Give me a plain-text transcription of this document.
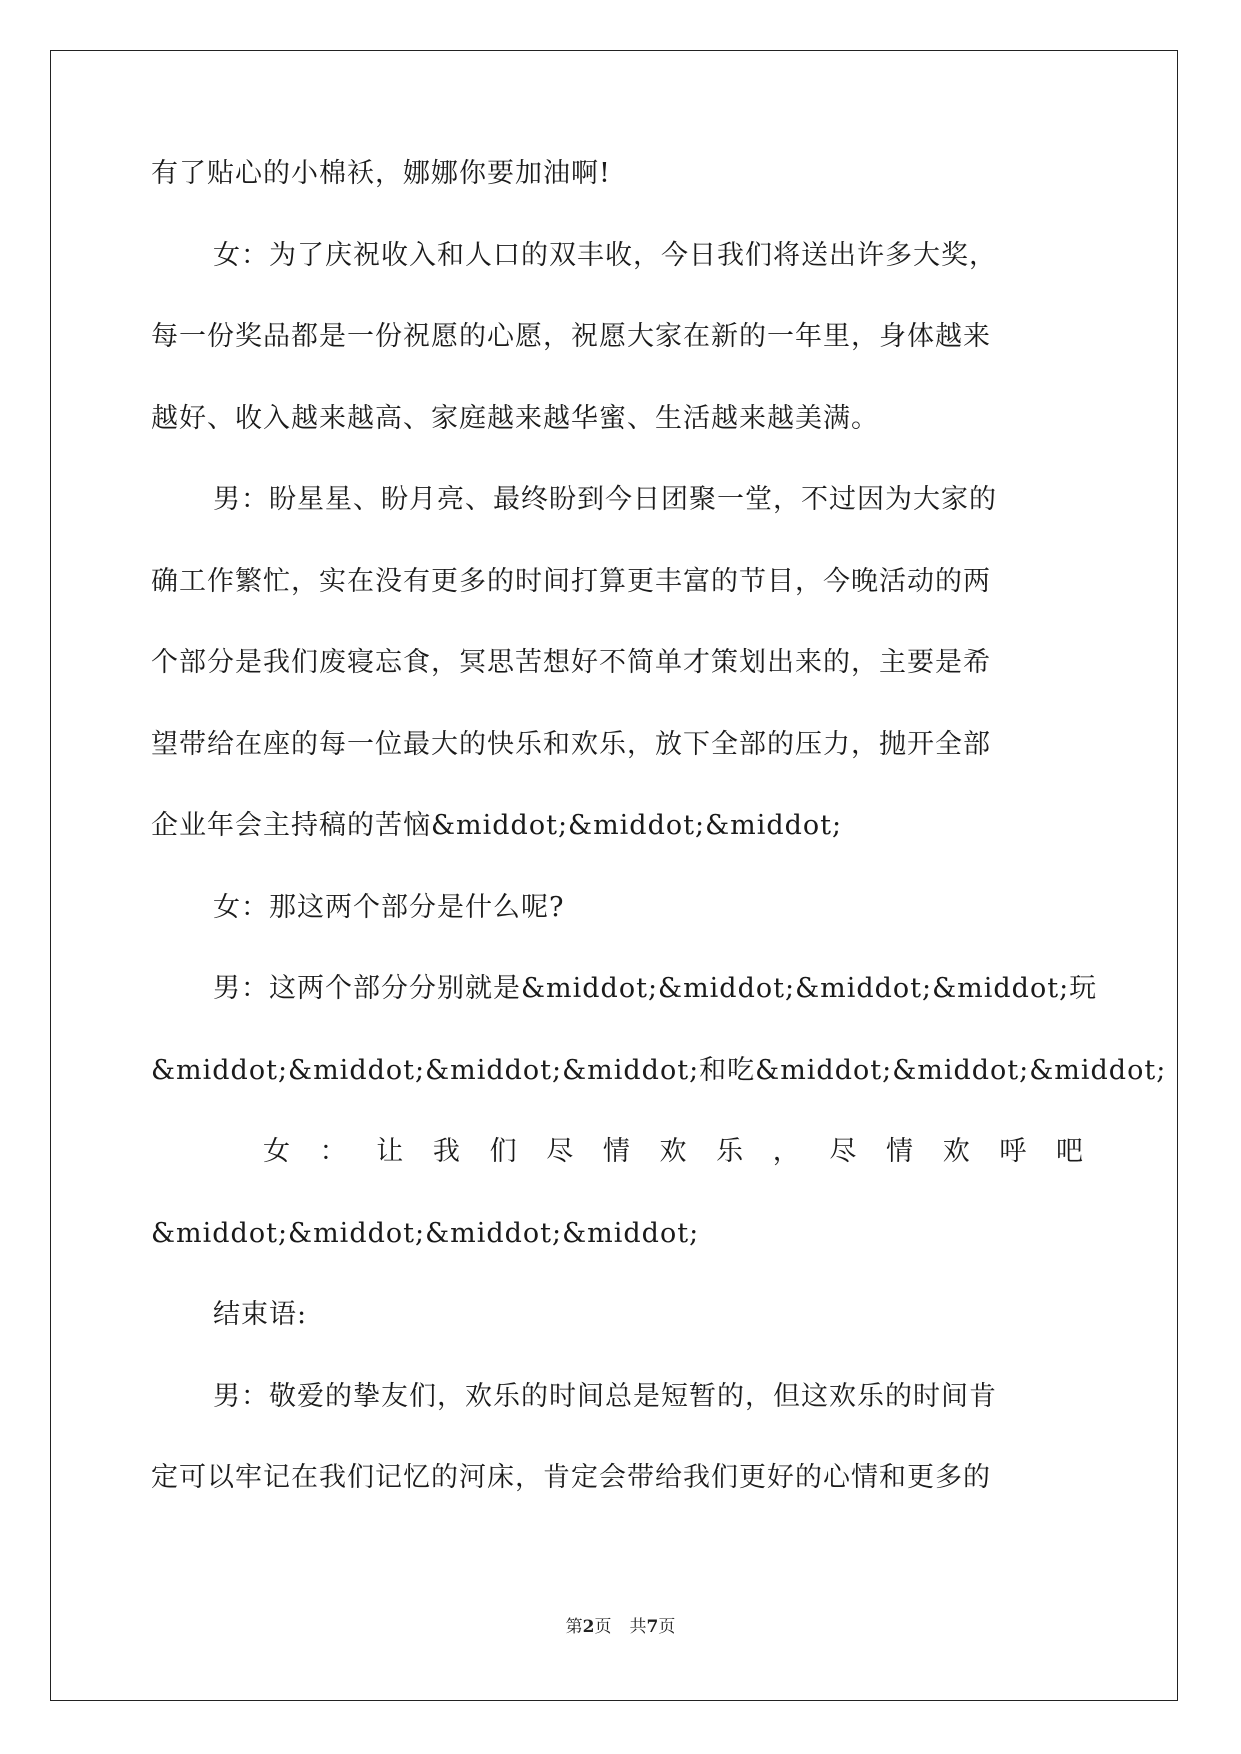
有了贴心的小棉袄，娜娜你要加油啊!
女：为了庆祝收入和人口的双丰收，今日我们将送出许多大奖，
每一份奖品都是一份祝愿的心愿，祝愿大家在新的一年里，身体越来
越好、收入越来越高、家庭越来越华蜜、生活越来越美满。
男：盼星星、盼月亮、最终盼到今日团聚一堂，不过因为大家的
确工作繁忙，实在没有更多的时间打算更丰富的节目，今晚活动的两
个部分是我们废寝忘食，冥思苦想好不简单才策划出来的，主要是希
望带给在座的每一位最大的快乐和欢乐，放下全部的压力，抛开全部
企业年会主持稿的苦恼&middot;&middot;&middot;
女：那这两个部分是什么呢?
男：这两个部分分别就是&middot;&middot;&middot;&middot;玩
&middot;&middot;&middot;&middot;和吃&middot;&middot;&middot;
女 ： 让 我 们 尽 情 欢 乐 ， 尽 情 欢 呼 吧
&middot;&middot;&middot;&middot;
结束语:
男：敬爱的挚友们，欢乐的时间总是短暂的，但这欢乐的时间肯
定可以牢记在我们记忆的河床，肯定会带给我们更好的心情和更多的
第2页 共7页
